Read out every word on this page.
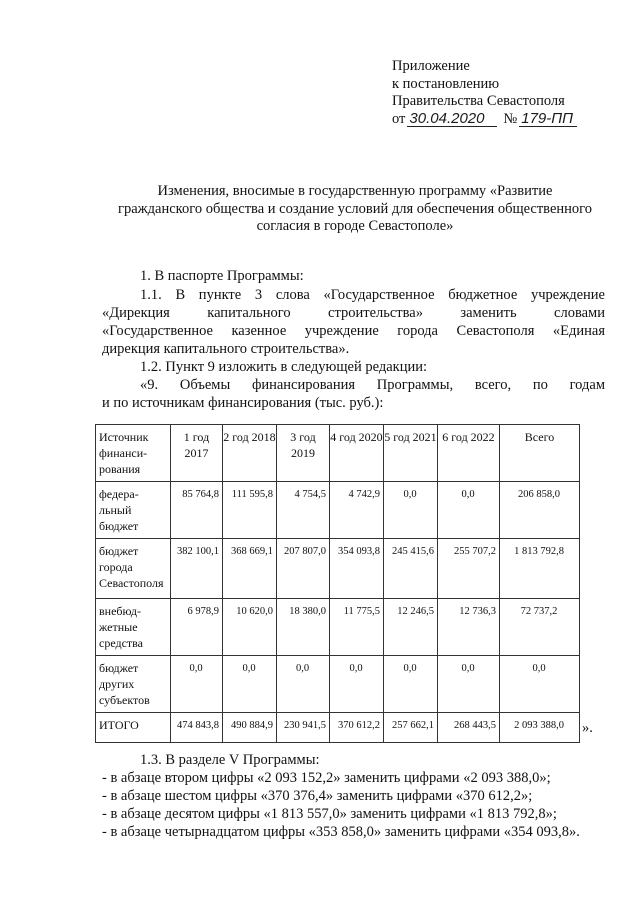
Приложение
к постановлению
Правительства Севастополя
от 30.04.2020	№ 179-ПП
Изменения, вносимые в государственную программу «Развитие
гражданского общества и создание условий для обеспечения общественного
согласия в городе Севастополе»
1. В паспорте Программы:
1.1. В пункте 3 слова «Государственное бюджетное учреждение
«Дирекция капитального строительства» заменить словами
«Государственное казенное учреждение города Севастополя «Единая
дирекция капитального строительства».
1.2. Пункт 9 изложить в следующей редакции:
«9. Объемы финансирования Программы, всего, по годам
и по источникам финансирования (тыс. руб.):
Источник финанси-рования	1 год 2017	2 год 2018	3 год 2019	4 год 2020	5 год 2021	6 год 2022	Всего
федера-льный бюджет	85 764,8	111 595,8	4 754,5	4 742,9	0,0	0,0	206 858,0
бюджет города Севастополя	382 100,1	368 669,1	207 807,0	354 093,8	245 415,6	255 707,2	1 813 792,8
внебюд-жетные средства	6 978,9	10 620,0	18 380,0	11 775,5	12 246,5	12 736,3	72 737,2
бюджет других субъектов	0,0	0,0	0,0	0,0	0,0	0,0	0,0
ИТОГО	474 843,8	490 884,9	230 941,5	370 612,2	257 662,1	268 443,5	2 093 388,0 ».
1.3. В разделе V Программы:
- в абзаце втором цифры «2 093 152,2» заменить цифрами «2 093 388,0»;
- в абзаце шестом цифры «370 376,4» заменить цифрами «370 612,2»;
- в абзаце десятом цифры «1 813 557,0» заменить цифрами «1 813 792,8»;
- в абзаце четырнадцатом цифры «353 858,0» заменить цифрами «354 093,8».
